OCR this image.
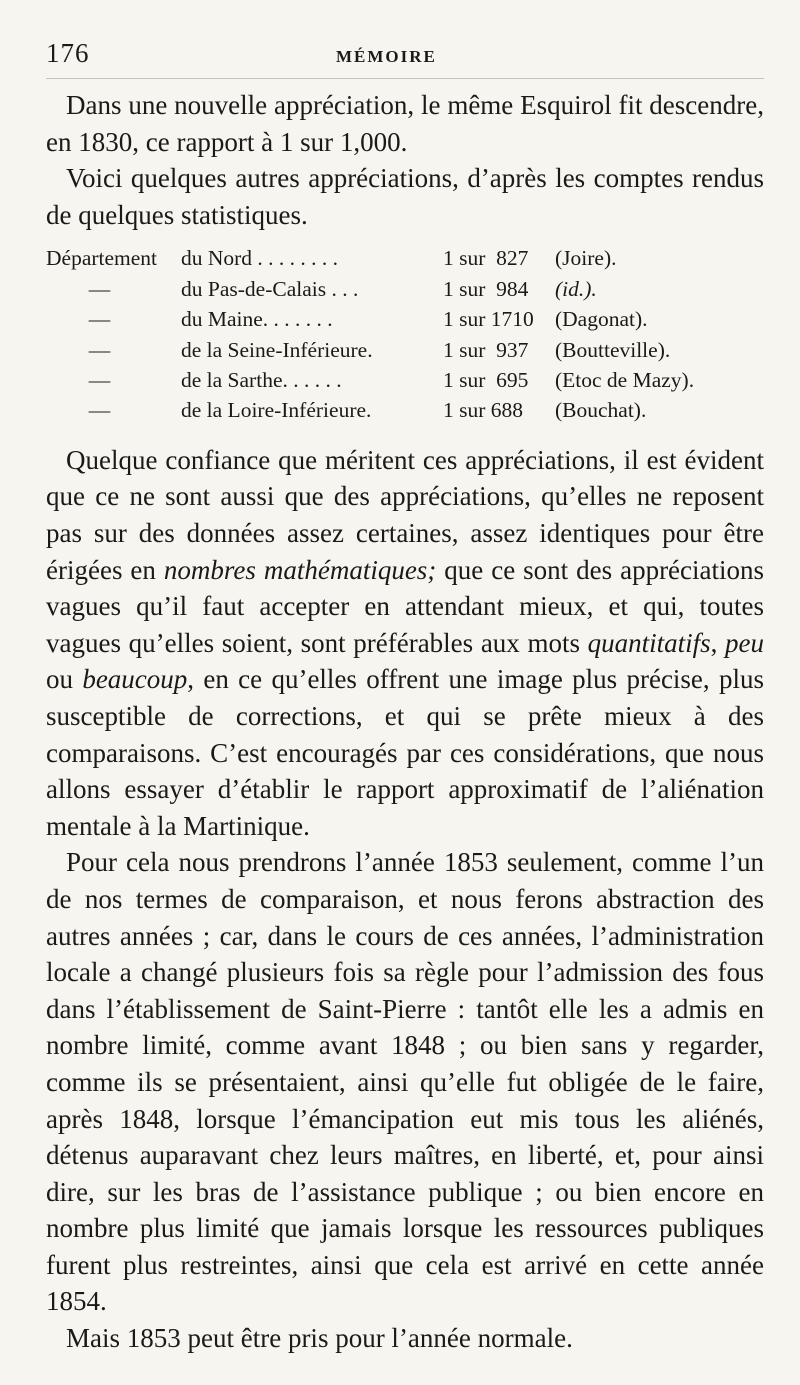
176	MÉMOIRE

Dans une nouvelle appréciation, le même Esquirol fit descendre, en 1830, ce rapport à 1 sur 1,000.

Voici quelques autres appréciations, d’après les comptes rendus de quelques statistiques.

Département	du Nord . . . . . . . .	1 sur  827	(Joire).
—	du Pas-de-Calais . . .	1 sur  984	(id.).
—	du Maine. . . . . . .	1 sur 1710 (Dagonat).
—	de la Seine-Inférieure.	1 sur  937	(Boutteville).
—	de la Sarthe. . . . . .	1 sur  695	(Etoc de Mazy).
—	de la Loire-Inférieure.	1 sur 688	(Bouchat).

Quelque confiance que méritent ces appréciations, il est évident que ce ne sont aussi que des appréciations, qu’elles ne reposent pas sur des données assez certaines, assez identiques pour être érigées en nombres mathématiques; que ce sont des appréciations vagues qu’il faut accepter en attendant mieux, et qui, toutes vagues qu’elles soient, sont préférables aux mots quantitatifs, peu ou beaucoup, en ce qu’elles offrent une image plus précise, plus susceptible de corrections, et qui se prête mieux à des comparaisons. C’est encouragés par ces considérations, que nous allons essayer d’établir le rapport approximatif de l’aliénation mentale à la Martinique.

Pour cela nous prendrons l’année 1853 seulement, comme l’un de nos termes de comparaison, et nous ferons abstraction des autres années ; car, dans le cours de ces années, l’administration locale a changé plusieurs fois sa règle pour l’admission des fous dans l’établissement de Saint-Pierre : tantôt elle les a admis en nombre limité, comme avant 1848 ; ou bien sans y regarder, comme ils se présentaient, ainsi qu’elle fut obligée de le faire, après 1848, lorsque l’émancipation eut mis tous les aliénés, détenus auparavant chez leurs maîtres, en liberté, et, pour ainsi dire, sur les bras de l’assistance publique ; ou bien encore en nombre plus limité que jamais lorsque les ressources publiques furent plus restreintes, ainsi que cela est arrivé en cette année 1854.

Mais 1853 peut être pris pour l’année normale.
